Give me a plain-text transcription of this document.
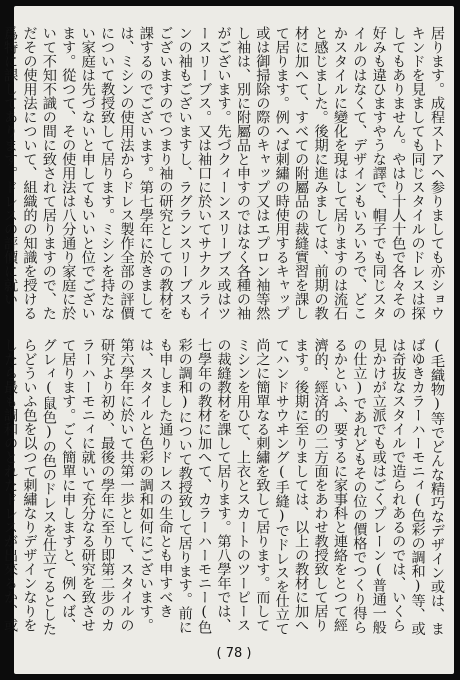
居ります。成程ストアヘ参りましても亦ショウキンドを見ましても同じスタイルのドレスは探してもありません。やはり十人十色で各々その好みも違ひますやうな譯で、帽子でも同じスタイルのはなくて、デザインもいろいろで、どこかスタイルに變化を現はして居りますのは流石と感じました。後期に進みましては、前期の教材に加へて、すべての附屬品の裁縫實習を課して居ります。例へば刺繡の時使用するキャップ或は御掃除の際のキャップ又はエプロン袖等然し袖は、別に附屬品と申すのではなく各種の袖がございます。先づクィーンスリーブス或はツースリーブス。又は袖口に於いてサナクルラインの袖もございますし、ラグランスリーブスもございますのでつまり袖の研究としての教材を課するのでございます。第七學年に於きましては、ミシンの使用法からドレス製作全部の評價について教授致して居ります。ミシンを持たない家庭は先づないと申してもいいと位でございます。從つて、その使用法は八分通り家庭に於いて不知不識の間に致されて居りますので、ただその使用法について、組織的の知識を授ける爲特に課してあります。ドレスの評價に就い

(毛織物)等でどんな精巧なデザイン或は、まばゆきカラーハーモニィ(色彩の調和)等、或は奇抜なスタイルで造られあるのでは、いくら見かけが立派でも或はごくプレーン(普通一般の仕立)であれどもその位の價格でつくり得らるかといふ、要するに家事科と連絡をとつて經濟的、經済的の二方面をあわせ教授致して居ります。後期に至りましては、以上の教材に加へてハンドサウヰング(手縫)でドレスを仕立て尚之に簡單なる刺繡を致して居ります。而してミシンを用ひて、上衣とスカートのツーピースの裁縫教材を課して居ります。第八學年では、七學年の教材に加へて、カラーハーモニー(色彩の調和)について教授致して居ります。前にも申しました通りドレスの生命とも申すべきは、スタイルと色彩の調和如何にございます。第六學年に於いて共第一歩として、スタイルの研究より初め、最後の學年に至り即第二步のカラーハーモニィに就いて充分なる研究を致させて居ります。ごく簡單に申しますと、例へば、グレィ(鼠色)の色のドレスを仕立てるとしたらどういふ色を以つて刺繡なりデザインなりをしたら最も調和のとれたドレスが出來るか、或

( 78 )
